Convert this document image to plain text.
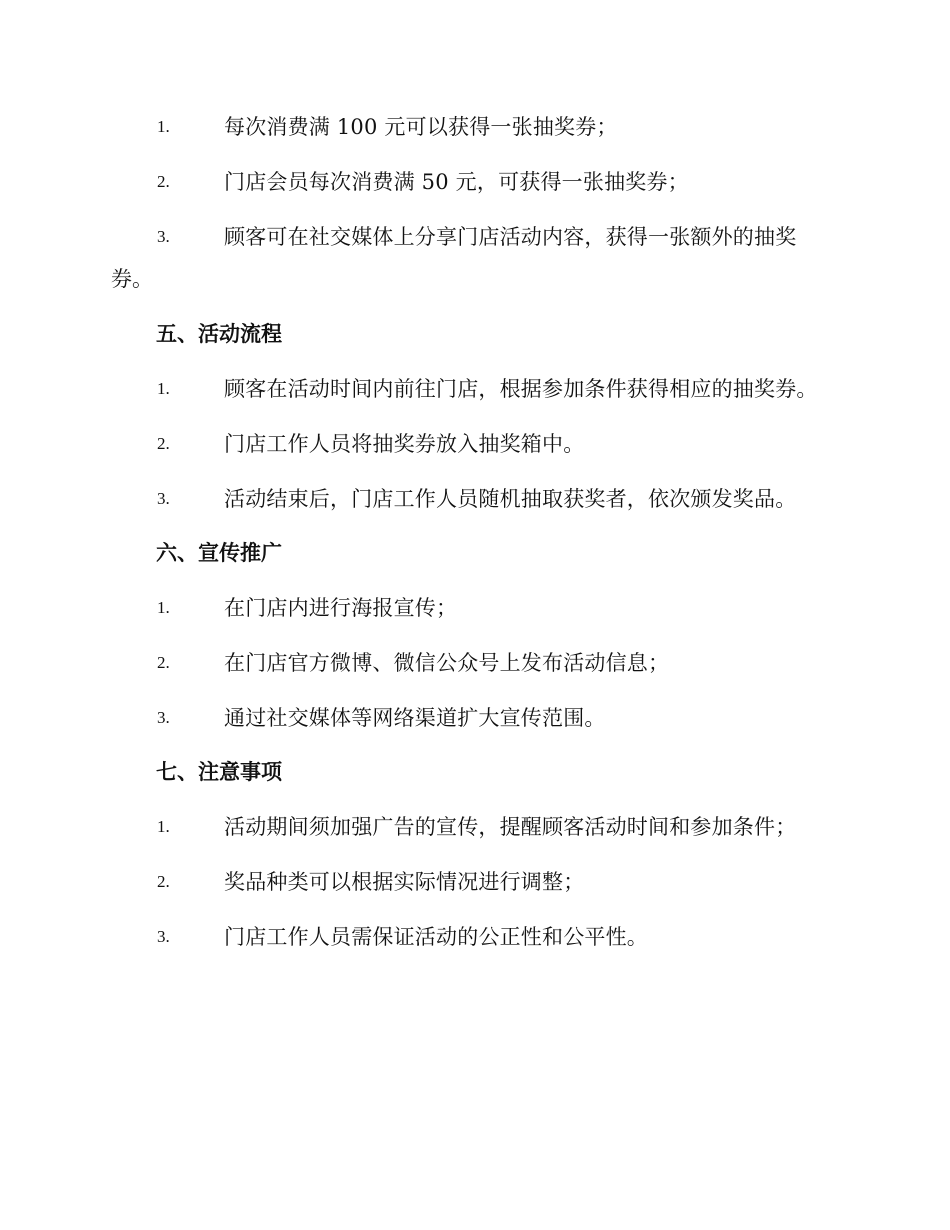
1.	每次消费满 100 元可以获得一张抽奖券；
2.	门店会员每次消费满 50 元，可获得一张抽奖券；
3.	顾客可在社交媒体上分享门店活动内容，获得一张额外的抽奖
券。
五、活动流程
1.	顾客在活动时间内前往门店，根据参加条件获得相应的抽奖券。
2.	门店工作人员将抽奖券放入抽奖箱中。
3.	活动结束后，门店工作人员随机抽取获奖者，依次颁发奖品。
六、宣传推广
1.	在门店内进行海报宣传；
2.	在门店官方微博、微信公众号上发布活动信息；
3.	通过社交媒体等网络渠道扩大宣传范围。
七、注意事项
1.	活动期间须加强广告的宣传，提醒顾客活动时间和参加条件；
2.	奖品种类可以根据实际情况进行调整；
3.	门店工作人员需保证活动的公正性和公平性。
